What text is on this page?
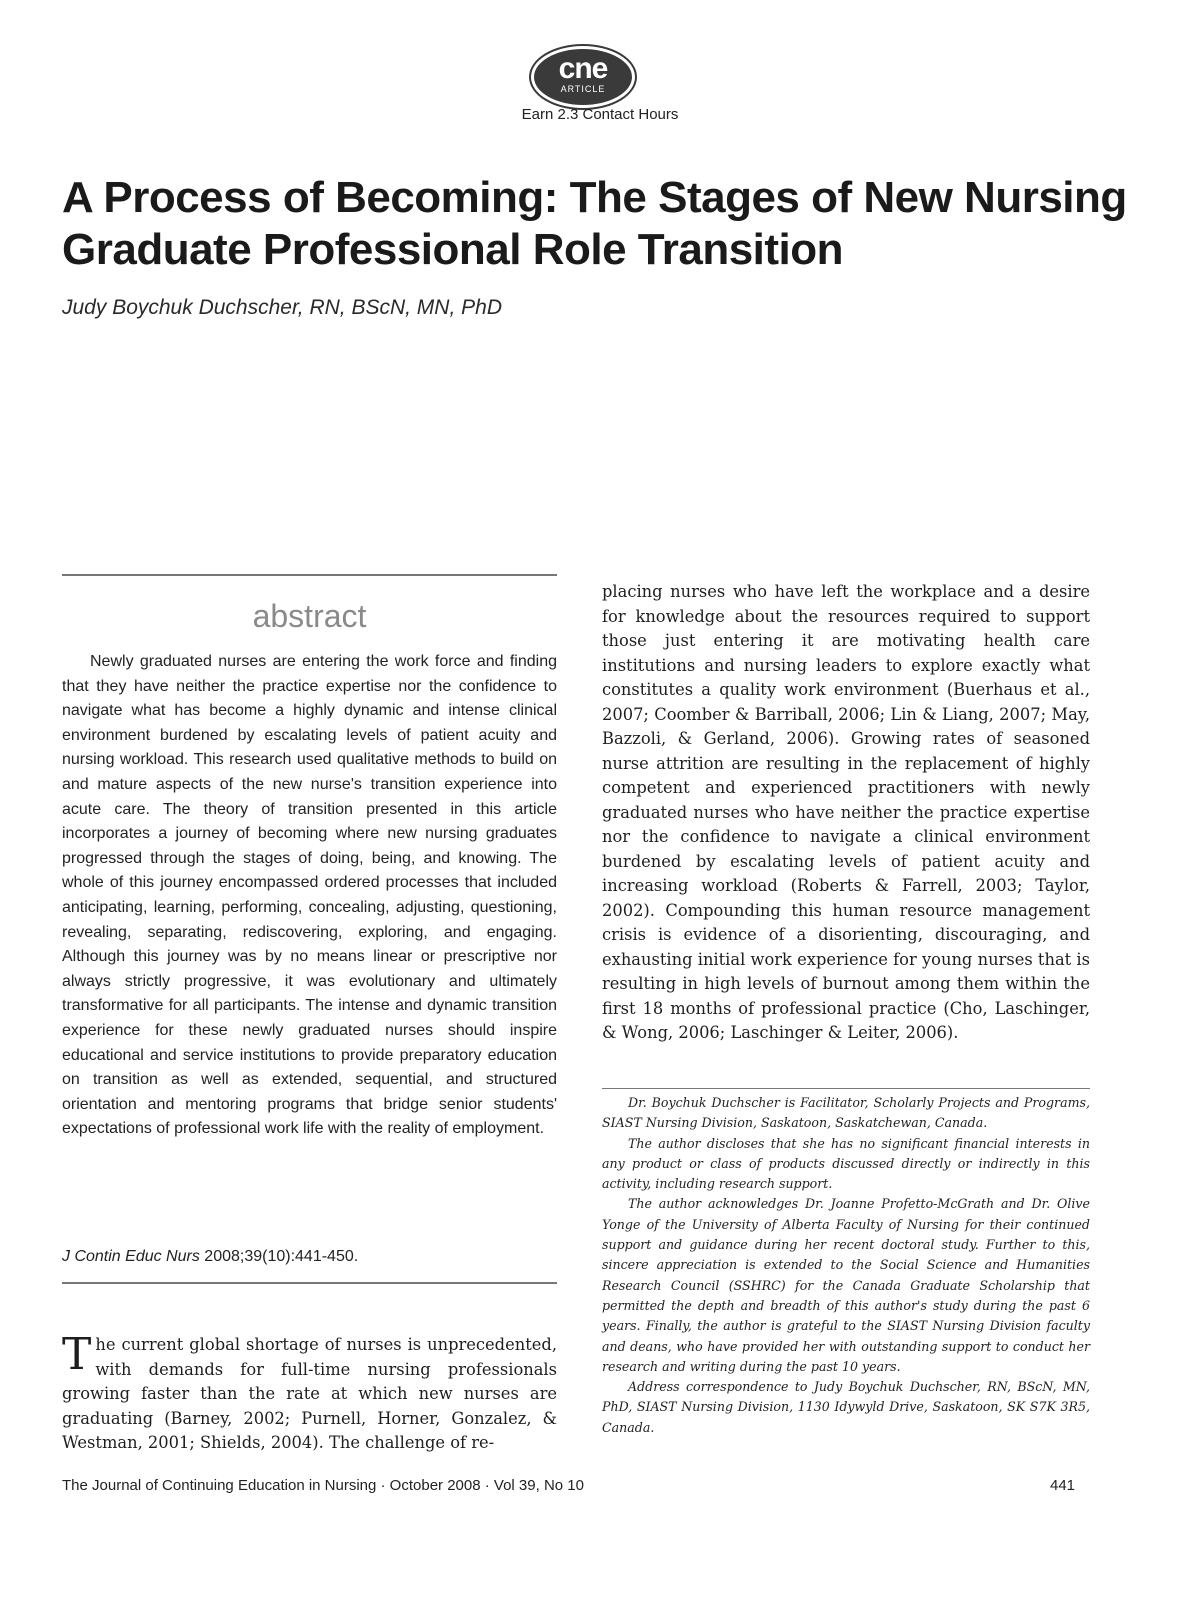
cne
ARTICLE
Earn 2.3 Contact Hours
A Process of Becoming: The Stages of New Nursing Graduate Professional Role Transition
Judy Boychuk Duchscher, RN, BScN, MN, PhD
abstract

Newly graduated nurses are entering the work force and finding that they have neither the practice expertise nor the confidence to navigate what has become a highly dynamic and intense clinical environment burdened by escalating levels of patient acuity and nursing workload. This research used qualitative methods to build on and mature aspects of the new nurse's transition experience into acute care. The theory of transition presented in this article incorporates a journey of becoming where new nursing graduates progressed through the stages of doing, being, and knowing. The whole of this journey encompassed ordered processes that included anticipating, learning, performing, concealing, adjusting, questioning, revealing, separating, rediscovering, exploring, and engaging. Although this journey was by no means linear or prescriptive nor always strictly progressive, it was evolutionary and ultimately transformative for all participants. The intense and dynamic transition experience for these newly graduated nurses should inspire educational and service institutions to provide preparatory education on transition as well as extended, sequential, and structured orientation and mentoring programs that bridge senior students' expectations of professional work life with the reality of employment.

J Contin Educ Nurs 2008;39(10):441-450.

The current global shortage of nurses is unprecedented, with demands for full-time nursing professionals growing faster than the rate at which new nurses are graduating (Barney, 2002; Purnell, Horner, Gonzalez, & Westman, 2001; Shields, 2004). The challenge of re-

placing nurses who have left the workplace and a desire for knowledge about the resources required to support those just entering it are motivating health care institutions and nursing leaders to explore exactly what constitutes a quality work environment (Buerhaus et al., 2007; Coomber & Barriball, 2006; Lin & Liang, 2007; May, Bazzoli, & Gerland, 2006). Growing rates of seasoned nurse attrition are resulting in the replacement of highly competent and experienced practitioners with newly graduated nurses who have neither the practice expertise nor the confidence to navigate a clinical environment burdened by escalating levels of patient acuity and increasing workload (Roberts & Farrell, 2003; Taylor, 2002). Compounding this human resource management crisis is evidence of a disorienting, discouraging, and exhausting initial work experience for young nurses that is resulting in high levels of burnout among them within the first 18 months of professional practice (Cho, Laschinger, & Wong, 2006; Laschinger & Leiter, 2006).

Dr. Boychuk Duchscher is Facilitator, Scholarly Projects and Programs, SIAST Nursing Division, Saskatoon, Saskatchewan, Canada.

The author discloses that she has no significant financial interests in any product or class of products discussed directly or indirectly in this activity, including research support.

The author acknowledges Dr. Joanne Profetto-McGrath and Dr. Olive Yonge of the University of Alberta Faculty of Nursing for their continued support and guidance during her recent doctoral study. Further to this, sincere appreciation is extended to the Social Science and Humanities Research Council (SSHRC) for the Canada Graduate Scholarship that permitted the depth and breadth of this author's study during the past 6 years. Finally, the author is grateful to the SIAST Nursing Division faculty and deans, who have provided her with outstanding support to conduct her research and writing during the past 10 years.

Address correspondence to Judy Boychuk Duchscher, RN, BScN, MN, PhD, SIAST Nursing Division, 1130 Idywyld Drive, Saskatoon, SK S7K 3R5, Canada.

The Journal of Continuing Education in Nursing · October 2008 · Vol 39, No 10	441
